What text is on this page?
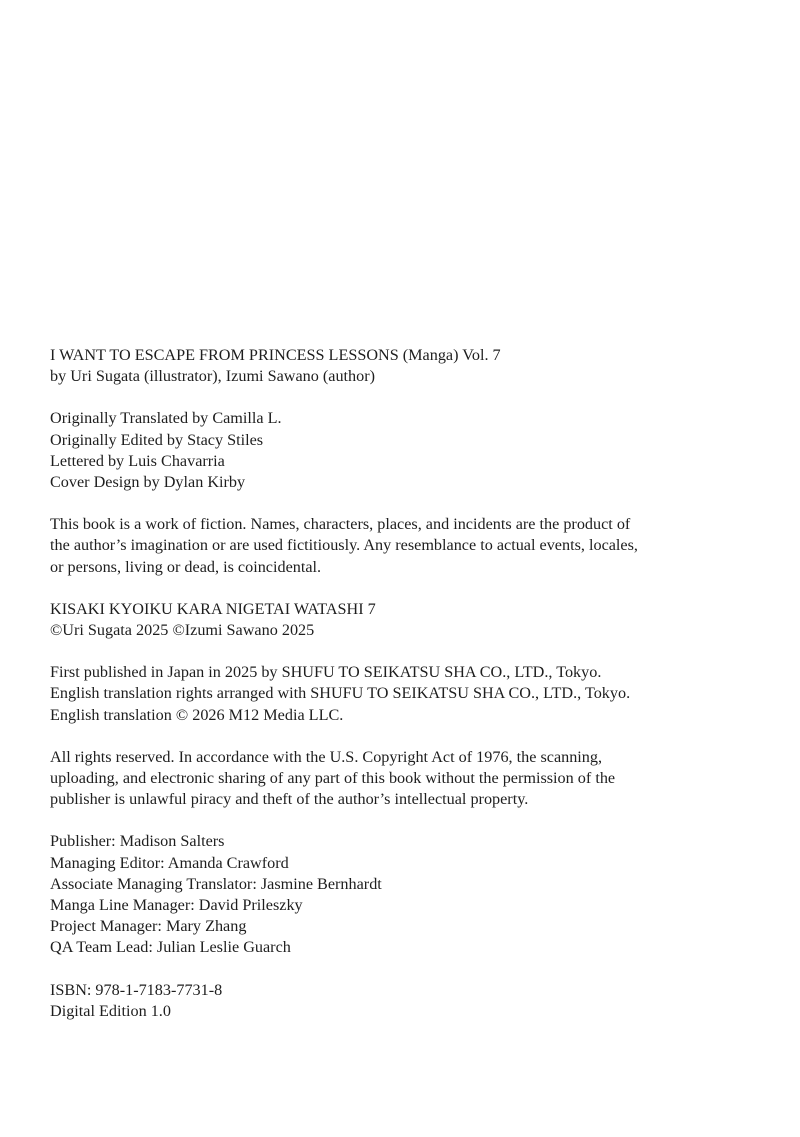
I WANT TO ESCAPE FROM PRINCESS LESSONS (Manga) Vol. 7
by Uri Sugata (illustrator), Izumi Sawano (author)
Originally Translated by Camilla L.
Originally Edited by Stacy Stiles
Lettered by Luis Chavarria
Cover Design by Dylan Kirby
This book is a work of fiction. Names, characters, places, and incidents are the product of
the author’s imagination or are used fictitiously. Any resemblance to actual events, locales,
or persons, living or dead, is coincidental.
KISAKI KYOIKU KARA NIGETAI WATASHI 7
©Uri Sugata 2025 ©Izumi Sawano 2025
First published in Japan in 2025 by SHUFU TO SEIKATSU SHA CO., LTD., Tokyo.
English translation rights arranged with SHUFU TO SEIKATSU SHA CO., LTD., Tokyo.
English translation © 2026 M12 Media LLC.
All rights reserved. In accordance with the U.S. Copyright Act of 1976, the scanning,
uploading, and electronic sharing of any part of this book without the permission of the
publisher is unlawful piracy and theft of the author’s intellectual property.
Publisher: Madison Salters
Managing Editor: Amanda Crawford
Associate Managing Translator: Jasmine Bernhardt
Manga Line Manager: David Prileszky
Project Manager: Mary Zhang
QA Team Lead: Julian Leslie Guarch
ISBN: 978-1-7183-7731-8
Digital Edition 1.0
